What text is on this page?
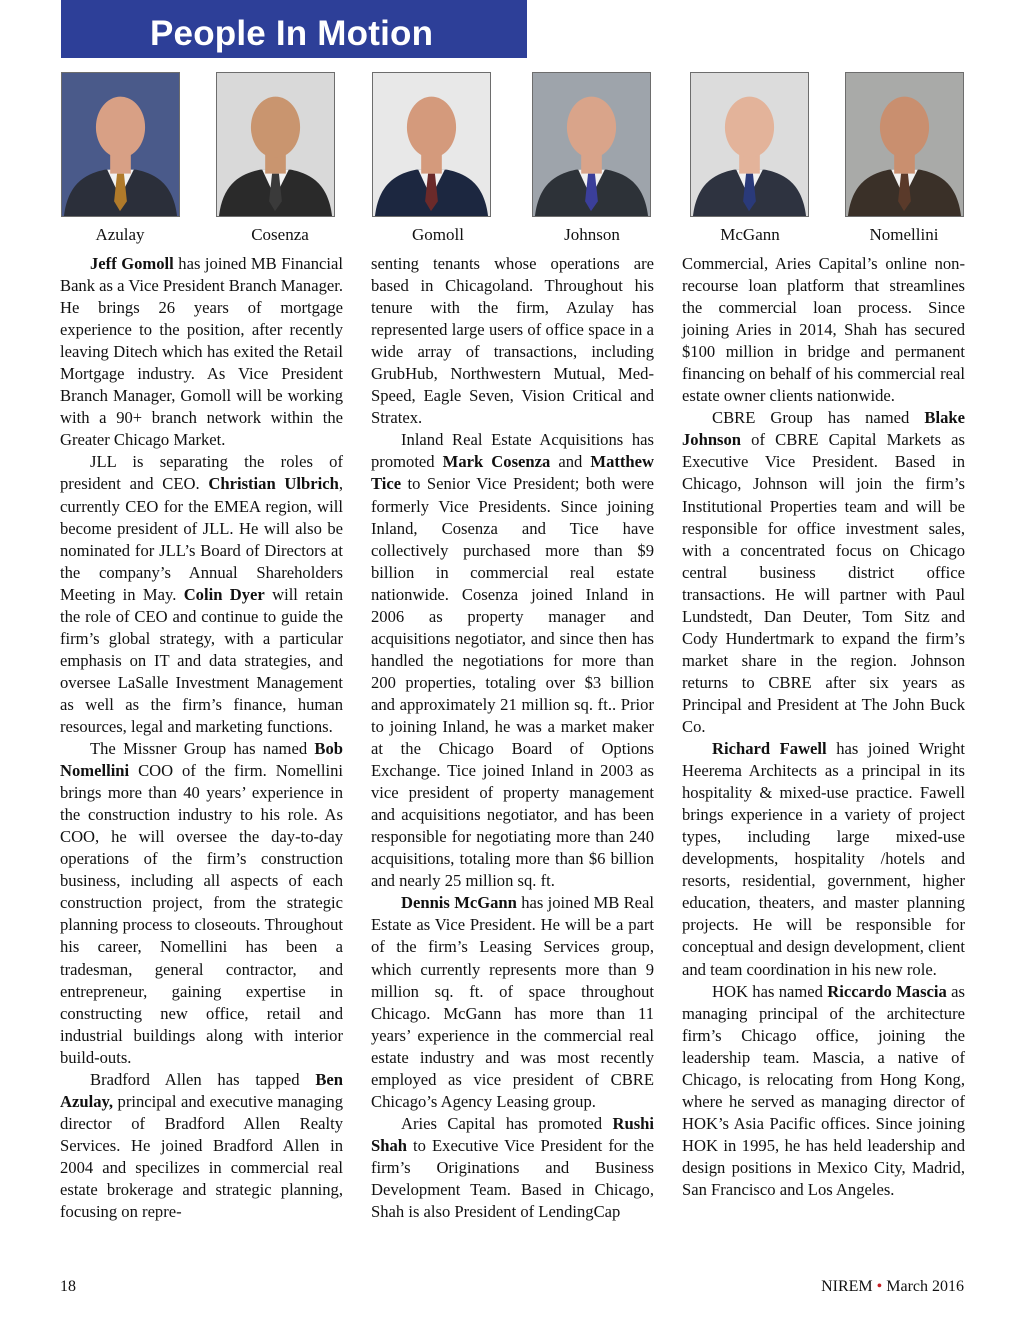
People In Motion
Azulay	Cosenza	Gomoll	Johnson	McGann	Nomellini

Jeff Gomoll has joined MB Financial Bank as a Vice President Branch Manager. He brings 26 years of mortgage experience to the position, after recently leaving Ditech which has exited the Retail Mortgage industry. As Vice President Branch Manager, Gomoll will be working with a 90+ branch network within the Greater Chicago Market.

JLL is separating the roles of president and CEO. Christian Ulbrich, currently CEO for the EMEA region, will become president of JLL. He will also be nominated for JLL’s Board of Directors at the company’s Annual Shareholders Meeting in May. Colin Dyer will retain the role of CEO and continue to guide the firm’s global strategy, with a particular emphasis on IT and data strategies, and oversee LaSalle Investment Management as well as the firm’s finance, human resources, legal and marketing functions.

The Missner Group has named Bob Nomellini COO of the firm. Nomellini brings more than 40 years’ experience in the construction industry to his role. As COO, he will oversee the day-to-day operations of the firm’s construction business, including all aspects of each construction project, from the strategic planning process to closeouts. Throughout his career, Nomellini has been a tradesman, general contractor, and entrepreneur, gaining expertise in constructing new office, retail and industrial buildings along with interior build-outs.

Bradford Allen has tapped Ben Azulay, principal and executive managing director of Bradford Allen Realty Services. He joined Bradford Allen in 2004 and specilizes in commercial real estate brokerage and strategic planning, focusing on repre-

senting tenants whose operations are based in Chicagoland. Throughout his tenure with the firm, Azulay has represented large users of office space in a wide array of transactions, including GrubHub, Northwestern Mutual, Med-Speed, Eagle Seven, Vision Critical and Stratex.

Inland Real Estate Acquisitions has promoted Mark Cosenza and Matthew Tice to Senior Vice President; both were formerly Vice Presidents. Since joining Inland, Cosenza and Tice have collectively purchased more than $9 billion in commercial real estate nationwide. Cosenza joined Inland in 2006 as property manager and acquisitions negotiator, and since then has handled the negotiations for more than 200 properties, totaling over $3 billion and approximately 21 million sq. ft.. Prior to joining Inland, he was a market maker at the Chicago Board of Options Exchange. Tice joined Inland in 2003 as vice president of property management and acquisitions negotiator, and has been responsible for negotiating more than 240 acquisitions, totaling more than $6 billion and nearly 25 million sq. ft.

Dennis McGann has joined MB Real Estate as Vice President. He will be a part of the firm’s Leasing Services group, which currently represents more than 9 million sq. ft. of space throughout Chicago. McGann has more than 11 years’ experience in the commercial real estate industry and was most recently employed as vice president of CBRE Chicago’s Agency Leasing group.

Aries Capital has promoted Rushi Shah to Executive Vice President for the firm’s Originations and Business Development Team. Based in Chicago, Shah is also President of LendingCap

Commercial, Aries Capital’s online non-recourse loan platform that streamlines the commercial loan process. Since joining Aries in 2014, Shah has secured $100 million in bridge and permanent financing on behalf of his commercial real estate owner clients nationwide.

CBRE Group has named Blake Johnson of CBRE Capital Markets as Executive Vice President. Based in Chicago, Johnson will join the firm’s Institutional Properties team and will be responsible for office investment sales, with a concentrated focus on Chicago central business district office transactions. He will partner with Paul Lundstedt, Dan Deuter, Tom Sitz and Cody Hundertmark to expand the firm’s market share in the region. Johnson returns to CBRE after six years as Principal and President at The John Buck Co.

Richard Fawell has joined Wright Heerema Architects as a principal in its hospitality & mixed-use practice. Fawell brings experience in a variety of project types, including large mixed-use developments, hospitality /hotels and resorts, residential, government, higher education, theaters, and master planning projects. He will be responsible for conceptual and design development, client and team coordination in his new role.

HOK has named Riccardo Mascia as managing principal of the architecture firm’s Chicago office, joining the leadership team. Mascia, a native of Chicago, is relocating from Hong Kong, where he served as managing director of HOK’s Asia Pacific offices. Since joining HOK in 1995, he has held leadership and design positions in Mexico City, Madrid, San Francisco and Los Angeles.

18	NIREM • March 2016
